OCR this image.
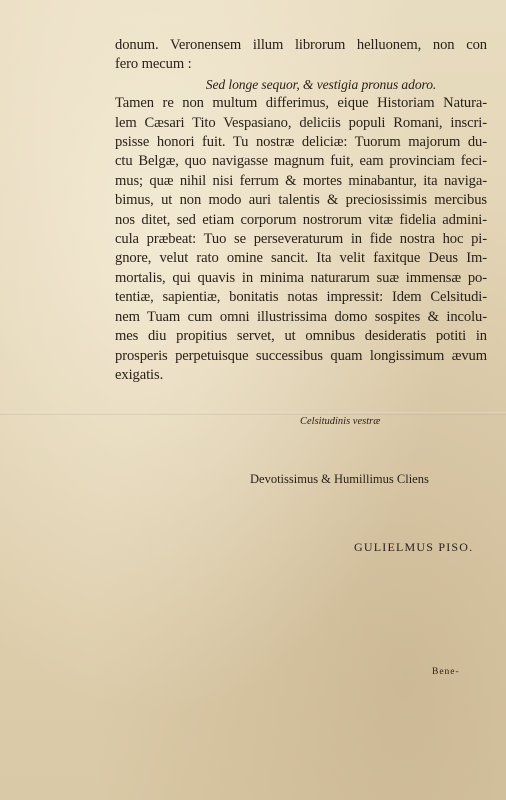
donum. Veronensem illum librorum helluonem, non con
fero mecum :
Sed longe sequor, & vestigia pronus adoro.
Tamen re non multum differimus, eique Historiam Natura-
lem Cæsari Tito Vespasiano, deliciis populi Romani, inscri-
psisse honori fuit. Tu nostræ deliciæ: Tuorum majorum du-
ctu Belgæ, quo navigasse magnum fuit, eam provinciam feci-
mus; quæ nihil nisi ferrum & mortes minabantur, ita naviga-
bimus, ut non modo auri talentis & preciosissimis mercibus
nos ditet, sed etiam corporum nostrorum vitæ fidelia admini-
cula præbeat: Tuo se perseveraturum in fide nostra hoc pi-
gnore, velut rato omine sancit. Ita velit faxitque Deus Im-
mortalis, qui quavis in minima naturarum suæ immensæ po-
tentiæ, sapientiæ, bonitatis notas impressit: Idem Celsitudi-
nem Tuam cum omni illustrissima domo sospites & incolu-
mes diu propitius servet, ut omnibus desideratis potiti in
prosperis perpetuisque successibus quam longissimum ævum
exigatis.
Celsitudinis vestræ
Devotissimus & Humillimus Cliens
GULIELMUS PISO.
Bene-
